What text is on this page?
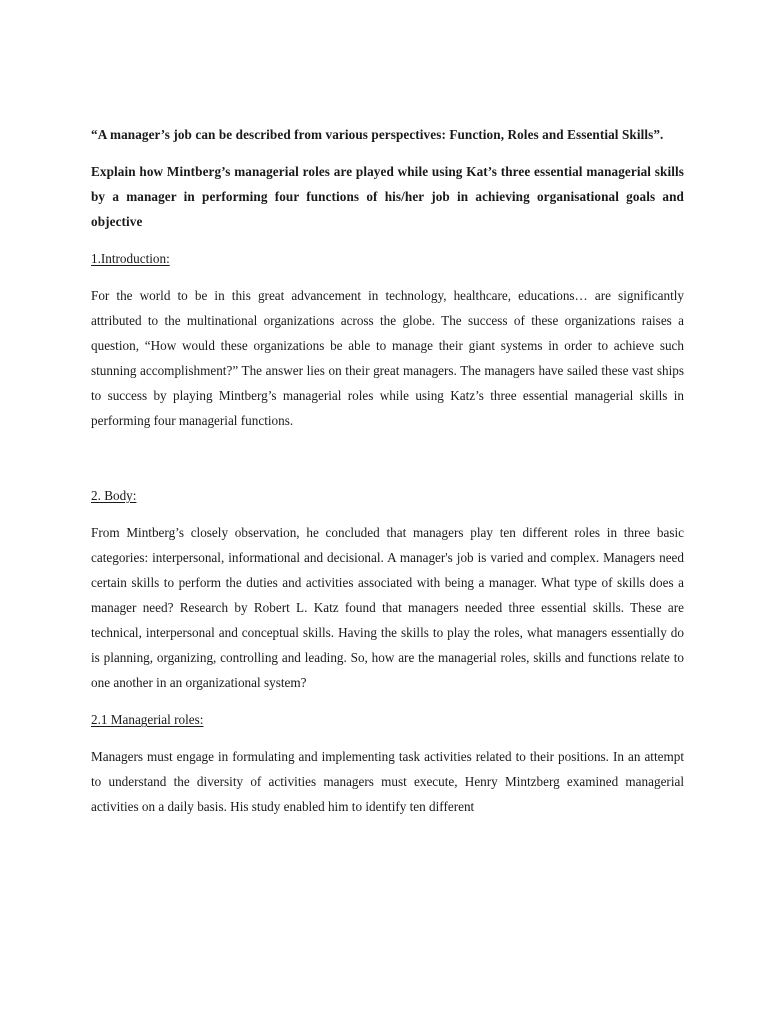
“A manager’s job can be described from various perspectives: Function, Roles and Essential Skills”.

Explain how Mintberg’s managerial roles are played while using Kat’s three essential managerial skills by a manager in performing four functions of his/her job in achieving organisational goals and objective

1.Introduction:

For the world to be in this great advancement in technology, healthcare, educations… are significantly attributed to the multinational organizations across the globe. The success of these organizations raises a question, “How would these organizations be able to manage their giant systems in order to achieve such stunning accomplishment?” The answer lies on their great managers. The managers have sailed these vast ships to success by playing Mintberg’s managerial roles while using Katz’s three essential managerial skills in performing four managerial functions.

2. Body:

From Mintberg’s closely observation, he concluded that managers play ten different roles in three basic categories: interpersonal, informational and decisional. A manager's job is varied and complex. Managers need certain skills to perform the duties and activities associated with being a manager. What type of skills does a manager need? Research by Robert L. Katz found that managers needed three essential skills. These are technical, interpersonal and conceptual skills. Having the skills to play the roles, what managers essentially do is planning, organizing, controlling and leading. So, how are the managerial roles, skills and functions relate to one another in an organizational system?

2.1 Managerial roles:

Managers must engage in formulating and implementing task activities related to their positions. In an attempt to understand the diversity of activities managers must execute, Henry Mintzberg examined managerial activities on a daily basis. His study enabled him to identify ten different
